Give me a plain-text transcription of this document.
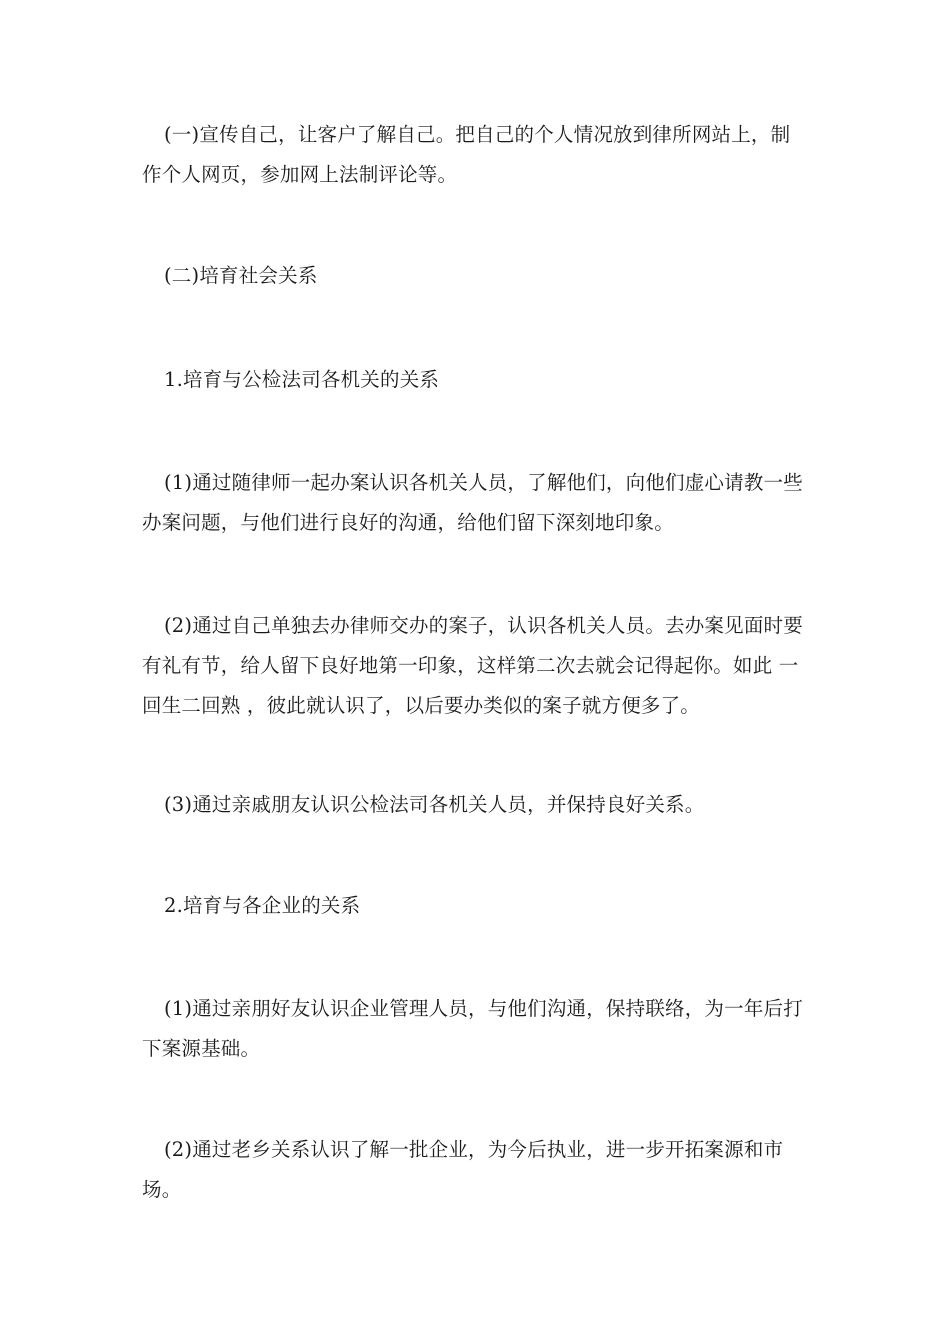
(一)宣传自己，让客户了解自己。把自己的个人情况放到律所网站上，制作个人网页，参加网上法制评论等。

(二)培育社会关系

1.培育与公检法司各机关的关系

(1)通过随律师一起办案认识各机关人员，了解他们，向他们虚心请教一些办案问题，与他们进行良好的沟通，给他们留下深刻地印象。

(2)通过自己单独去办律师交办的案子，认识各机关人员。去办案见面时要有礼有节，给人留下良好地第一印象，这样第二次去就会记得起你。如此 一回生二回熟 ，彼此就认识了，以后要办类似的案子就方便多了。

(3)通过亲戚朋友认识公检法司各机关人员，并保持良好关系。

2.培育与各企业的关系

(1)通过亲朋好友认识企业管理人员，与他们沟通，保持联络，为一年后打下案源基础。

(2)通过老乡关系认识了解一批企业，为今后执业，进一步开拓案源和市场。
